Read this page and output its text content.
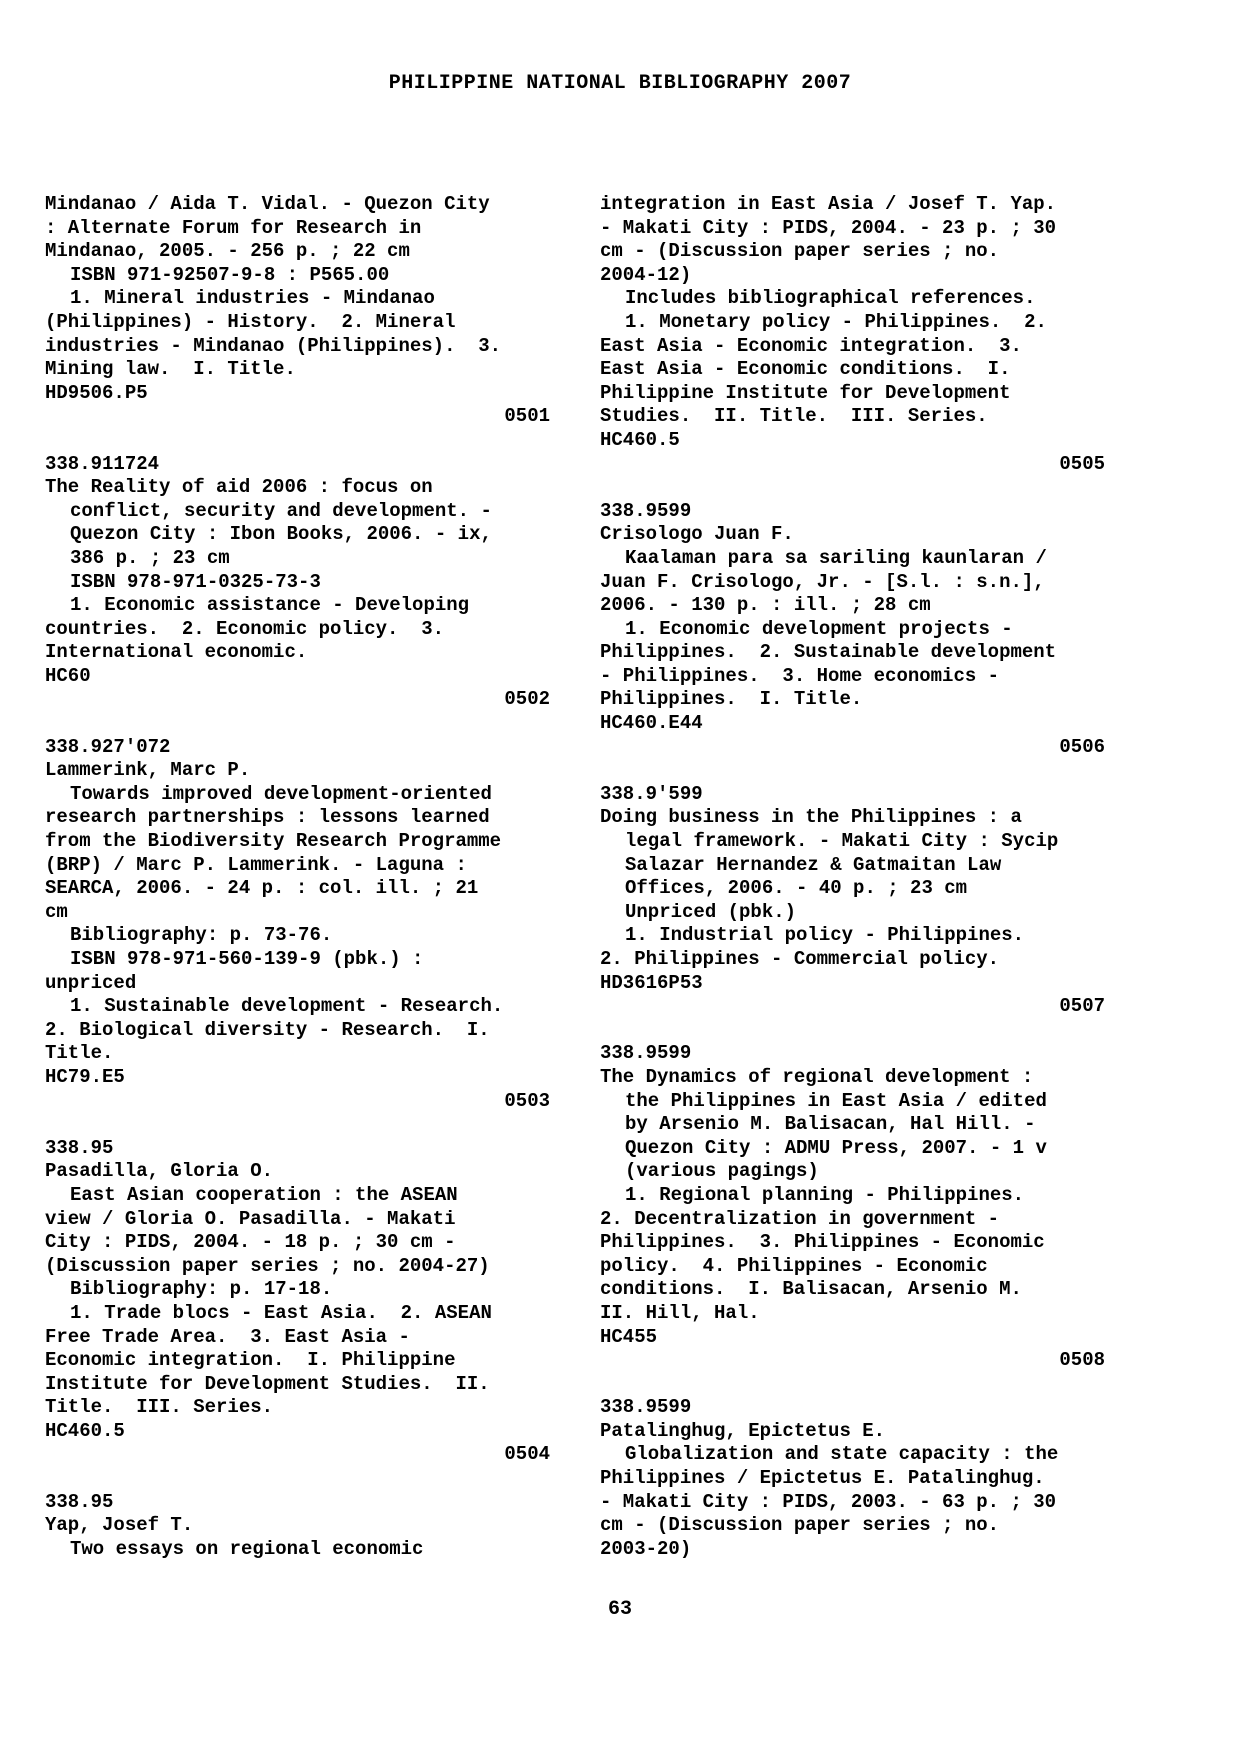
PHILIPPINE NATIONAL BIBLIOGRAPHY 2007
Mindanao / Aida T. Vidal. - Quezon City
: Alternate Forum for Research in
Mindanao, 2005. - 256 p. ; 22 cm
ISBN 971-92507-9-8 : P565.00
1. Mineral industries - Mindanao
(Philippines) - History.  2. Mineral
industries - Mindanao (Philippines).  3.
Mining law.  I. Title.
HD9506.P5
0501
338.911724
The Reality of aid 2006 : focus on
conflict, security and development. -
Quezon City : Ibon Books, 2006. - ix,
386 p. ; 23 cm
ISBN 978-971-0325-73-3
1. Economic assistance - Developing
countries.  2. Economic policy.  3.
International economic.
HC60
0502
338.927'072
Lammerink, Marc P.
Towards improved development-oriented
research partnerships : lessons learned
from the Biodiversity Research Programme
(BRP) / Marc P. Lammerink. - Laguna :
SEARCA, 2006. - 24 p. : col. ill. ; 21
cm
Bibliography: p. 73-76.
ISBN 978-971-560-139-9 (pbk.) :
unpriced
1. Sustainable development - Research.
2. Biological diversity - Research.  I.
Title.
HC79.E5
0503
338.95
Pasadilla, Gloria O.
East Asian cooperation : the ASEAN
view / Gloria O. Pasadilla. - Makati
City : PIDS, 2004. - 18 p. ; 30 cm -
(Discussion paper series ; no. 2004-27)
Bibliography: p. 17-18.
1. Trade blocs - East Asia.  2. ASEAN
Free Trade Area.  3. East Asia -
Economic integration.  I. Philippine
Institute for Development Studies.  II.
Title.  III. Series.
HC460.5
0504
338.95
Yap, Josef T.
Two essays on regional economic
integration in East Asia / Josef T. Yap.
- Makati City : PIDS, 2004. - 23 p. ; 30
cm - (Discussion paper series ; no.
2004-12)
Includes bibliographical references.
1. Monetary policy - Philippines.  2.
East Asia - Economic integration.  3.
East Asia - Economic conditions.  I.
Philippine Institute for Development
Studies.  II. Title.  III. Series.
HC460.5
0505
338.9599
Crisologo Juan F.
Kaalaman para sa sariling kaunlaran /
Juan F. Crisologo, Jr. - [S.l. : s.n.],
2006. - 130 p. : ill. ; 28 cm
1. Economic development projects -
Philippines.  2. Sustainable development
- Philippines.  3. Home economics -
Philippines.  I. Title.
HC460.E44
0506
338.9'599
Doing business in the Philippines : a
legal framework. - Makati City : Sycip
Salazar Hernandez & Gatmaitan Law
Offices, 2006. - 40 p. ; 23 cm
Unpriced (pbk.)
1. Industrial policy - Philippines.
2. Philippines - Commercial policy.
HD3616P53
0507
338.9599
The Dynamics of regional development :
the Philippines in East Asia / edited
by Arsenio M. Balisacan, Hal Hill. -
Quezon City : ADMU Press, 2007. - 1 v
(various pagings)
1. Regional planning - Philippines.
2. Decentralization in government -
Philippines.  3. Philippines - Economic
policy.  4. Philippines - Economic
conditions.  I. Balisacan, Arsenio M.
II. Hill, Hal.
HC455
0508
338.9599
Patalinghug, Epictetus E.
Globalization and state capacity : the
Philippines / Epictetus E. Patalinghug.
- Makati City : PIDS, 2003. - 63 p. ; 30
cm - (Discussion paper series ; no.
2003-20)
63
